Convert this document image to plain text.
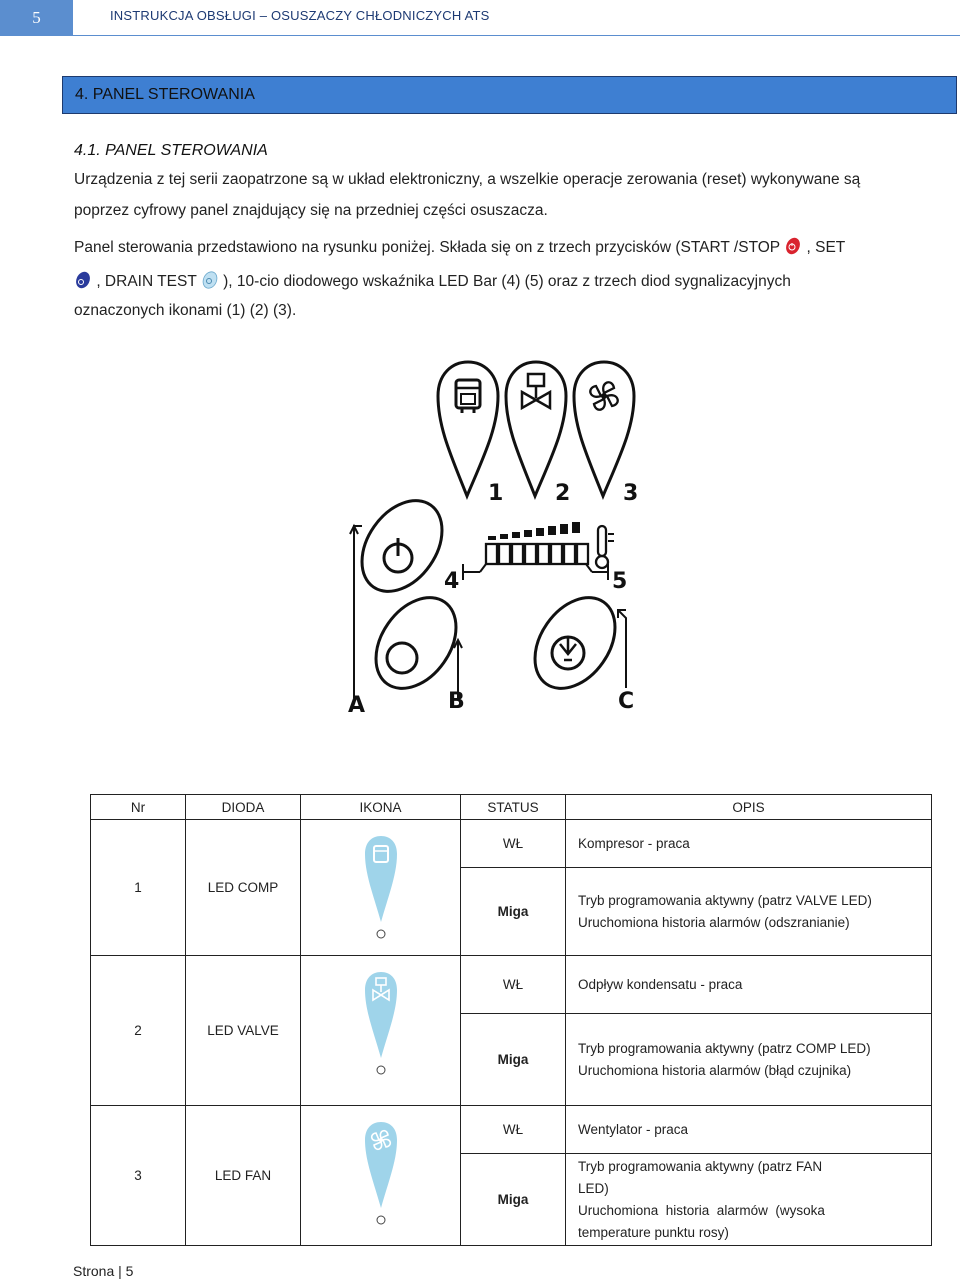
5	INSTRUKCJA OBSŁUGI – OSUSZACZY CHŁODNICZYCH ATS
4. PANEL STEROWANIA
4.1. PANEL STEROWANIA
Urządzenia z tej serii zaopatrzone są w układ elektroniczny, a wszelkie operacje zerowania (reset) wykonywane są
poprzez cyfrowy panel znajdujący się na przedniej części osuszacza.
Panel sterowania przedstawiono na rysunku poniżej. Składa się on z trzech przycisków (START /STOP , SET
, DRAIN TEST ), 10-cio diodowego wskaźnika LED Bar (4) (5) oraz z trzech diod sygnalizacyjnych
oznaczonych ikonami (1) (2) (3).
1 2 3
4	5
A	B	C
Nr	DIODA	IKONA	STATUS	OPIS
1	LED COMP		WŁ	Kompresor - praca
			Miga	Tryb programowania aktywny (patrz VALVE LED)
Uruchomiona historia alarmów (odszranianie)

2	LED VALVE		WŁ	Odpływ kondensatu - praca
			Miga	Tryb programowania aktywny (patrz COMP LED)
Uruchomiona historia alarmów (błąd czujnika)

3	LED FAN		WŁ	Wentylator - praca
			Miga	Tryb programowania aktywny (patrz FAN
LED)
Uruchomiona  historia  alarmów  (wysoka
temperature punktu rosy)
Strona | 5
